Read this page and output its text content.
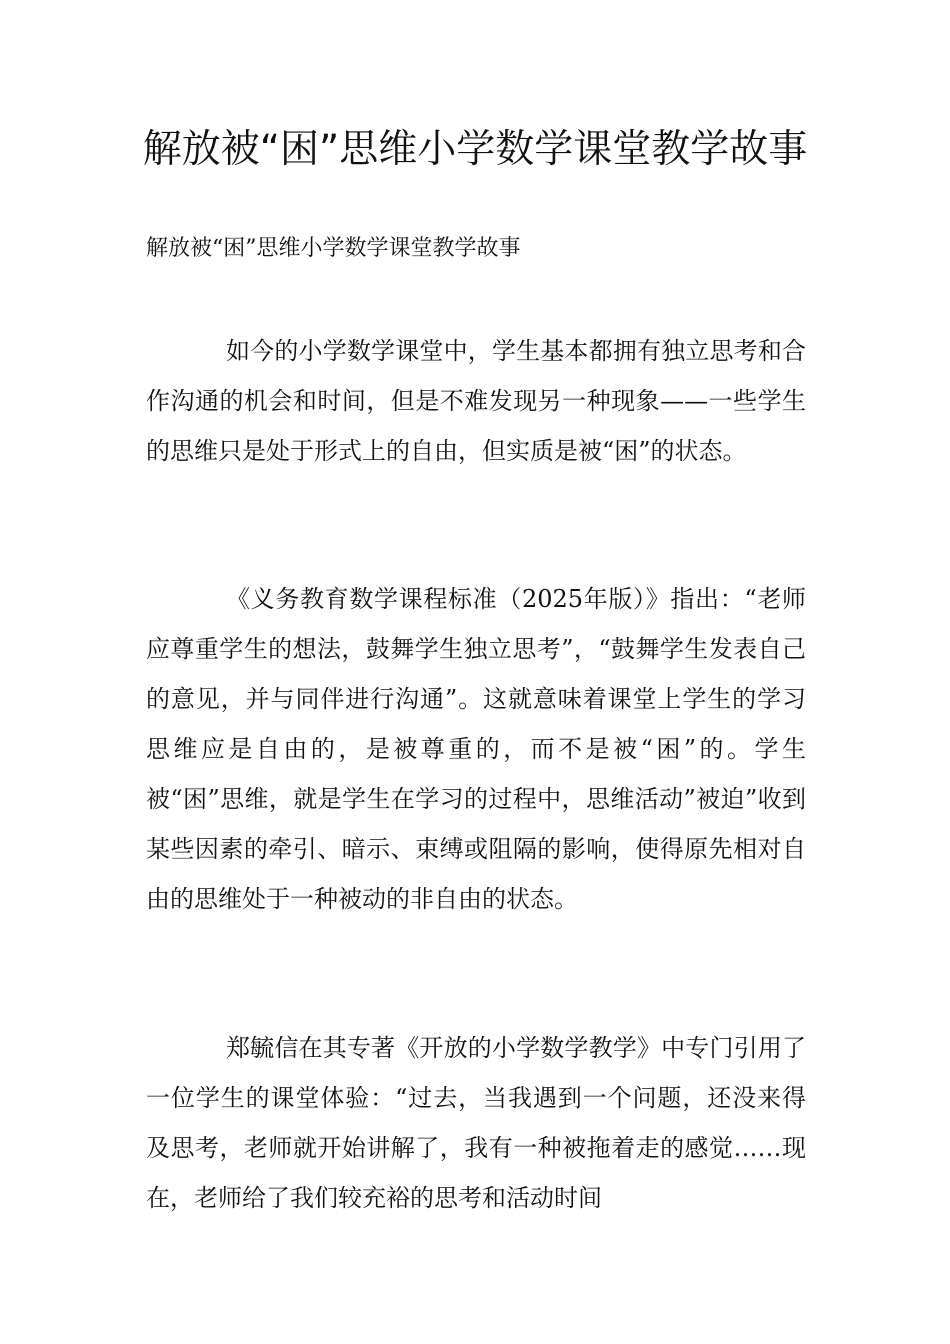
解放被“困”思维小学数学课堂教学故事

解放被“困”思维小学数学课堂教学故事

如今的小学数学课堂中，学生基本都拥有独立思考和合作沟通的机会和时间，但是不难发现另一种现象——一些学生的思维只是处于形式上的自由，但实质是被“困”的状态。

《义务教育数学课程标准（2025年版）》指出：“老师应尊重学生的想法，鼓舞学生独立思考”，“鼓舞学生发表自己的意见，并与同伴进行沟通”。这就意味着课堂上学生的学习思维应是自由的，是被尊重的，而不是被“困”的。学生被“困”思维，就是学生在学习的过程中，思维活动”被迫”收到某些因素的牵引、暗示、束缚或阻隔的影响，使得原先相对自由的思维处于一种被动的非自由的状态。

郑毓信在其专著《开放的小学数学教学》中专门引用了一位学生的课堂体验：“过去，当我遇到一个问题，还没来得及思考，老师就开始讲解了，我有一种被拖着走的感觉……现在，老师给了我们较充裕的思考和活动时间
